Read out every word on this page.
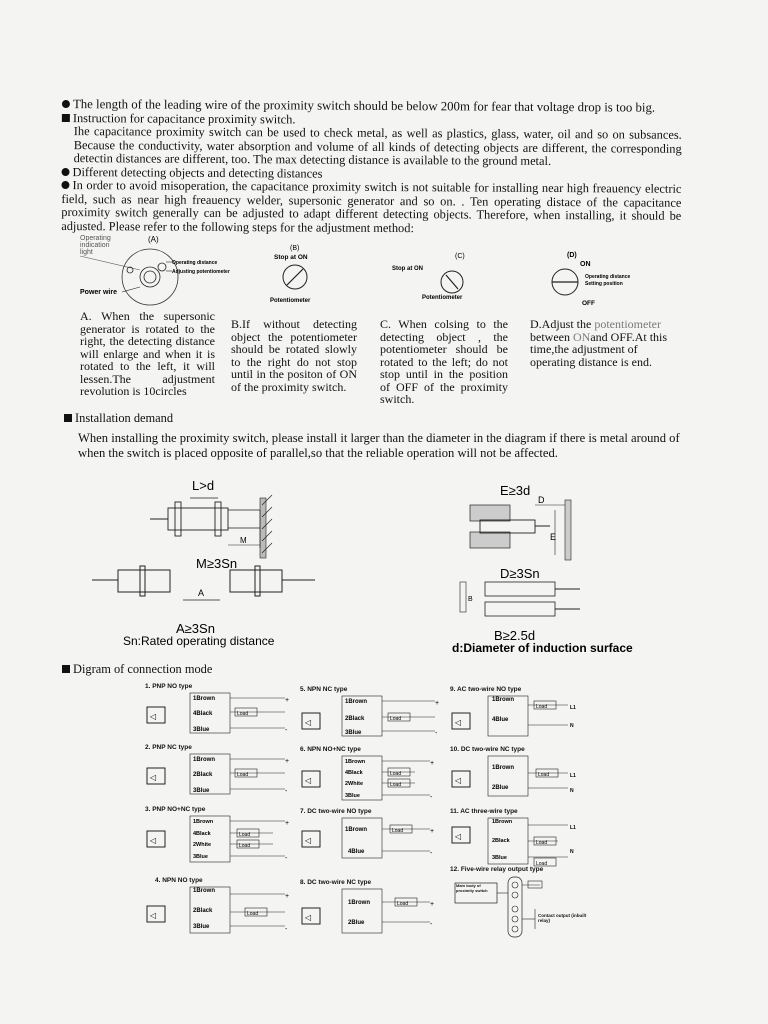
The length of the leading wire of the proximity switch should be below 200m for fear that voltage drop is too big.

Instruction for capacitance proximity switch.

Ihe capacitance proximity switch can be used to check metal, as well as plastics, glass, water, oil and so on subsances. Because the conductivity, water absorption and volume of all kinds of detecting objects are different, the corresponding detectin distances are different, too. The max detecting distance is available to the ground metal.

Different detecting objects and detecting distances

In order to avoid misoperation, the capacitance proximity switch is not suitable for installing near high freauency electric field, such as near high freauency welder, supersonic generator and so on. . Ten operating distace of the capacitance proximity switch generally can be adjusted to adapt different detecting objects. Therefore, when installing, it should be adjusted. Please refer to the following steps for the adjustment method:

(A)
Operating
indication
light
Operating distance
Adjusting potentiometer
Power wire
(B)
Stop at ON
Potentiometer
(C)
Stop at ON
Potentiometer
(D)
ON
Operating distance
Setting position
OFF
A. When the supersonic generator is rotated to the right, the detecting distance will enlarge and when it is rotated to the left, it will lessen.The adjustment revolution is 10circles
B.If without detecting object the potentiometer should be rotated slowly to the right do not stop until in the positon of ON of the proximity switch.
C. When colsing to the detecting object , the potentiometer should be rotated to the left; do not stop until in the position of OFF of the proximity switch.
D.Adjust the potentiometer between ONand OFF.At this time,the adjustment of operating distance is end.
Installation demand
When installing the proximity switch, please install it larger than the diameter in the diagram if there is metal around of when the switch is placed opposite of parallel,so that the reliable operation will not be affected.
L>d
M
M≥3Sn
A
A≥3Sn
Sn:Rated operating distance
E≥3d
D
E
D≥3Sn
B
B≥2.5d
d:Diameter of induction surface
Digram of connection mode
1. PNP NO type
◁
+
-
1Brown
4Black
3Blue
Load
2. PNP NC type
◁
+
-
1Brown
2Black
3Blue
Load
3. PNP NO+NC type
◁
+
-
1Brown
4Black
2White
3Blue
Load
Load
4. NPN NO type
◁
+
-
1Brown
2Black
3Blue
Load
5. NPN NC type
◁
+
-
1Brown
2Black
3Blue
Load
6. NPN NO+NC type
◁
+
-
1Brown
4Black
2White
3Blue
Load
Load
7. DC two-wire NO type
◁
+
-
1Brown
4Blue
Load
8. DC two-wire NC type
◁
+
-
1Brown
2Blue
Load
9. AC two-wire NO type
◁
L1
N
1Brown
4Blue
Load
10. DC two-wire NC type
◁	L1
N
1Brown
2Blue
Load
11. AC three-wire type
◁
L1
N
1Brown
2Black
3Blue
Load
Load
12. Five-wire relay output type
Main body of proximity switch
Contact output (inbuilt relay)
